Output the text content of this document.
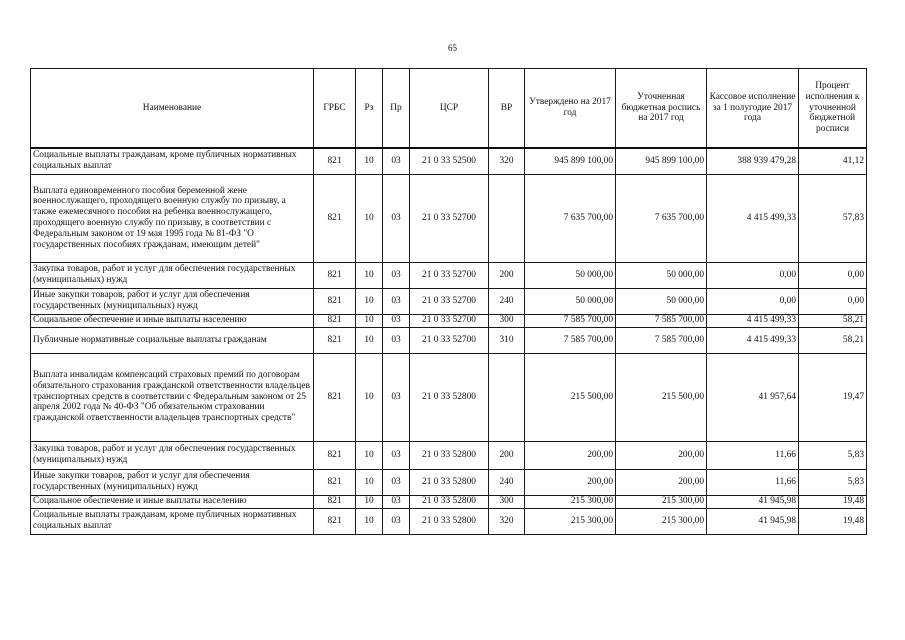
65
Наименование	ГРБС	Рз	Пр	ЦСР	ВР	Утверждено на 2017 год	Уточненная бюджетная роспись на 2017 год	Кассовое исполнение за 1 полугодие 2017 года	Процент исполнения к уточненной бюджетной росписи
Социальные выплаты гражданам, кроме публичных нормативных социальных выплат	821	10	03	21 0 33 52500	320	945 899 100,00	945 899 100,00	388 939 479,28	41,12
Выплата единовременного пособия беременной жене военнослужащего, проходящего военную службу по призыву, а также ежемесячного пособия на ребенка военнослужащего, проходящего военную службу по призыву, в соответствии с Федеральным законом от 19 мая 1995 года № 81-ФЗ "О государственных пособиях гражданам, имеющим детей"	821	10	03	21 0 33 52700		7 635 700,00	7 635 700,00	4 415 499,33	57,83
Закупка товаров, работ и услуг для обеспечения государственных (муниципальных) нужд	821	10	03	21 0 33 52700	200	50 000,00	50 000,00	0,00	0,00
Иные закупки товаров, работ и услуг для обеспечения государственных (муниципальных) нужд	821	10	03	21 0 33 52700	240	50 000,00	50 000,00	0,00	0,00
Социальное обеспечение и иные выплаты населению	821	10	03	21 0 33 52700	300	7 585 700,00	7 585 700,00	4 415 499,33	58,21
Публичные нормативные социальные выплаты гражданам	821	10	03	21 0 33 52700	310	7 585 700,00	7 585 700,00	4 415 499,33	58,21
Выплата инвалидам компенсаций страховых премий по договорам обязательного страхования гражданской ответственности владельцев транспортных средств в соответствии с Федеральным законом от 25 апреля 2002 года № 40-ФЗ "Об обязательном страховании гражданской ответственности владельцев транспортных средств"	821	10	03	21 0 33 52800		215 500,00	215 500,00	41 957,64	19,47
Закупка товаров, работ и услуг для обеспечения государственных (муниципальных) нужд	821	10	03	21 0 33 52800	200	200,00	200,00	11,66	5,83
Иные закупки товаров, работ и услуг для обеспечения государственных (муниципальных) нужд	821	10	03	21 0 33 52800	240	200,00	200,00	11,66	5,83
Социальное обеспечение и иные выплаты населению	821	10	03	21 0 33 52800	300	215 300,00	215 300,00	41 945,98	19,48
Социальные выплаты гражданам, кроме публичных нормативных социальных выплат	821	10	03	21 0 33 52800	320	215 300,00	215 300,00	41 945,98	19,48
